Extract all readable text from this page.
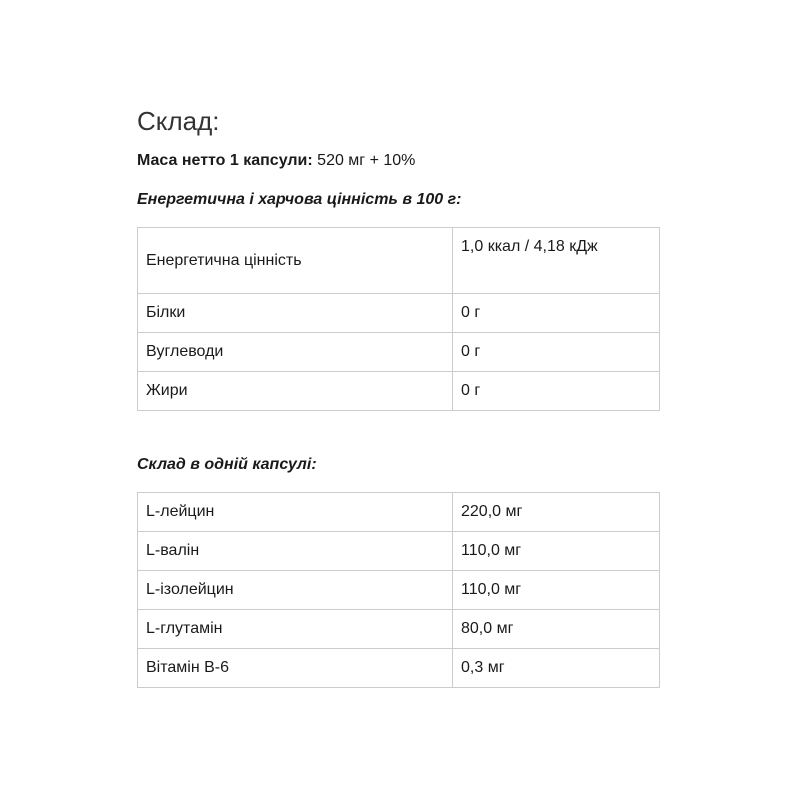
Склад:
Маса нетто 1 капсули: 520 мг + 10%
Енергетична і харчова цінність в 100 г:
Енергетична цінність	1,0 ккал / 4,18 кДж
Білки	0 г
Вуглеводи	0 г
Жири	0 г
Склад в одній капсулі:
L-лейцин	220,0 мг
L-валін	110,0 мг
L-ізолейцин	110,0 мг
L-глутамін	80,0 мг
Вітамін B-6	0,3 мг
